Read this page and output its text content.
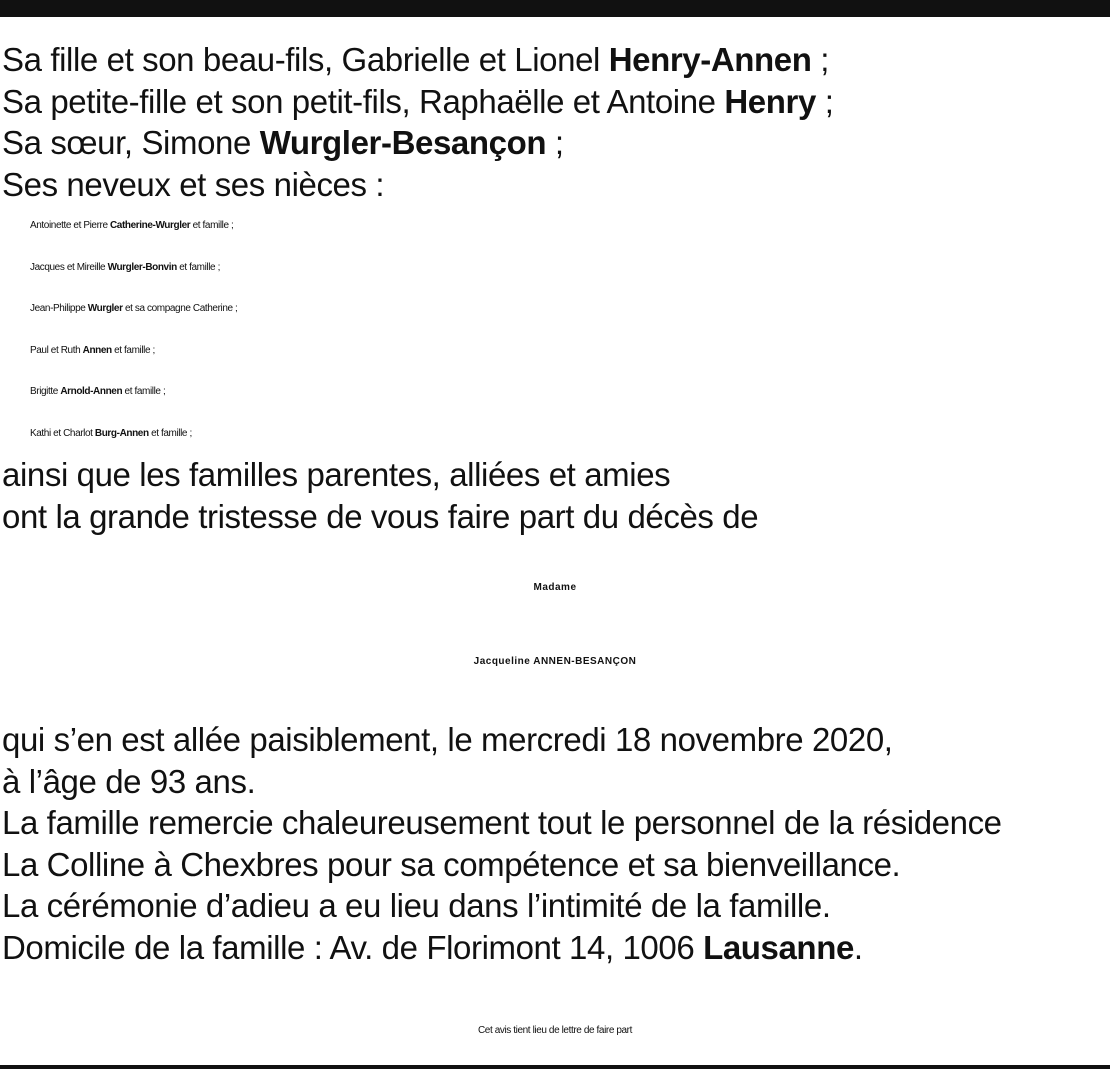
Sa fille et son beau-fils, Gabrielle et Lionel Henry-Annen ;
Sa petite-fille et son petit-fils, Raphaëlle et Antoine Henry ;
Sa sœur, Simone Wurgler-Besançon ;
Ses neveux et ses nièces :
Antoinette et Pierre Catherine-Wurgler et famille ;
Jacques et Mireille Wurgler-Bonvin et famille ;
Jean-Philippe Wurgler et sa compagne Catherine ;
Paul et Ruth Annen et famille ;
Brigitte Arnold-Annen et famille ;
Kathi et Charlot Burg-Annen et famille ;
ainsi que les familles parentes, alliées et amies
ont la grande tristesse de vous faire part du décès de
Madame
Jacqueline ANNEN-BESANÇON
qui s’en est allée paisiblement, le mercredi 18 novembre 2020,
à l’âge de 93 ans.
La famille remercie chaleureusement tout le personnel de la résidence
La Colline à Chexbres pour sa compétence et sa bienveillance.
La cérémonie d’adieu a eu lieu dans l’intimité de la famille.
Domicile de la famille : Av. de Florimont 14, 1006 Lausanne.
Cet avis tient lieu de lettre de faire part
